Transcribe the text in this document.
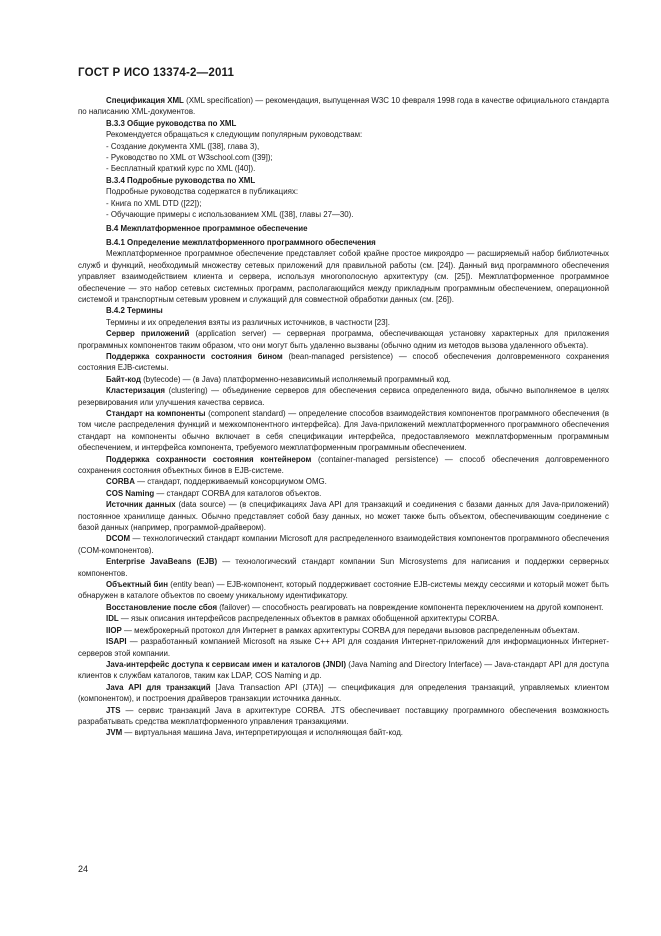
ГОСТ Р ИСО 13374-2—2011

Спецификация XML (XML specification) — рекомендация, выпущенная W3C 10 февраля 1998 года в качестве официального стандарта по написанию XML-документов.

B.3.3 Общие руководства по XML

Рекомендуется обращаться к следующим популярным руководствам:

- Создание документа XML ([38], глава 3),

- Руководство по XML от W3school.com ([39]);

- Бесплатный краткий курс по XML ([40]).

B.3.4 Подробные руководства по XML

Подробные руководства содержатся в публикациях:

- Книга по XML DTD ([22]);

- Обучающие примеры с использованием XML ([38], главы 27—30).

B.4 Межплатформенное программное обеспечение

B.4.1 Определение межплатформенного программного обеспечения

Межплатформенное программное обеспечение представляет собой крайне простое микроядро — расширяемый набор библиотечных служб и функций, необходимый множеству сетевых приложений для правильной работы (см. [24]). Данный вид программного обеспечения управляет взаимодействием клиента и сервера, используя многополосную архитектуру (см. [25]). Межплатформенное программное обеспечение — это набор сетевых системных программ, располагающийся между прикладным программным обеспечением, операционной системой и транспортным сетевым уровнем и служащий для совместной обработки данных (см. [26]).

B.4.2 Термины

Термины и их определения взяты из различных источников, в частности [23].

Сервер приложений (application server) — серверная программа, обеспечивающая установку характерных для приложения программных компонентов таким образом, что они могут быть удаленно вызваны (обычно одним из методов вызова удаленного объекта).

Поддержка сохранности состояния бином (bean-managed persistence) — способ обеспечения долговременного сохранения состояния EJB-системы.

Байт-код (bytecode) — (в Java) платформенно-независимый исполняемый программный код.

Кластеризация (clustering) — объединение серверов для обеспечения сервиса определенного вида, обычно выполняемое в целях резервирования или улучшения качества сервиса.

Стандарт на компоненты (component standard) — определение способов взаимодействия компонентов программного обеспечения (в том числе распределения функций и межкомпонентного интерфейса). Для Java-приложений межплатформенного программного обеспечения стандарт на компоненты обычно включает в себя спецификации интерфейса, предоставляемого межплатформенным программным обеспечением, и интерфейса компонента, требуемого межплатформенным программным обеспечением.

Поддержка сохранности состояния контейнером (container-managed persistence) — способ обеспечения долговременного сохранения состояния объектных бинов в EJB-системе.

CORBA — стандарт, поддерживаемый консорциумом OMG.

COS Naming — стандарт CORBA для каталогов объектов.

Источник данных (data source) — (в спецификациях Java API для транзакций и соединения с базами данных для Java-приложений) постоянное хранилище данных. Обычно представляет собой базу данных, но может также быть объектом, обеспечивающим соединение с базой данных (например, программой-драйвером).

DCOM — технологический стандарт компании Microsoft для распределенного взаимодействия компонентов программного обеспечения (COM-компонентов).

Enterprise JavaBeans (EJB) — технологический стандарт компании Sun Microsystems для написания и поддержки серверных компонентов.

Объектный бин (entity bean) — EJB-компонент, который поддерживает состояние EJB-системы между сессиями и который может быть обнаружен в каталоге объектов по своему уникальному идентификатору.

Восстановление после сбоя (failover) — способность реагировать на повреждение компонента переключением на другой компонент.

IDL — язык описания интерфейсов распределенных объектов в рамках обобщенной архитектуры CORBA.

IIOP — межброкерный протокол для Интернет в рамках архитектуры CORBA для передачи вызовов распределенным объектам.

ISAPI — разработанный компанией Microsoft на языке C++ API для создания Интернет-приложений для информационных Интернет-серверов этой компании.

Java-интерфейс доступа к сервисам имен и каталогов (JNDI) (Java Naming and Directory Interface) — Java-стандарт API для доступа клиентов к службам каталогов, таким как LDAP, COS Naming и др.

Java API для транзакций [Java Transaction API (JTA)] — спецификация для определения транзакций, управляемых клиентом (компонентом), и построения драйверов транзакции источника данных.

JTS — сервис транзакций Java в архитектуре CORBA. JTS обеспечивает поставщику программного обеспечения возможность разрабатывать средства межплатформенного управления транзакциями.

JVM — виртуальная машина Java, интерпретирующая и исполняющая байт-код.

24
